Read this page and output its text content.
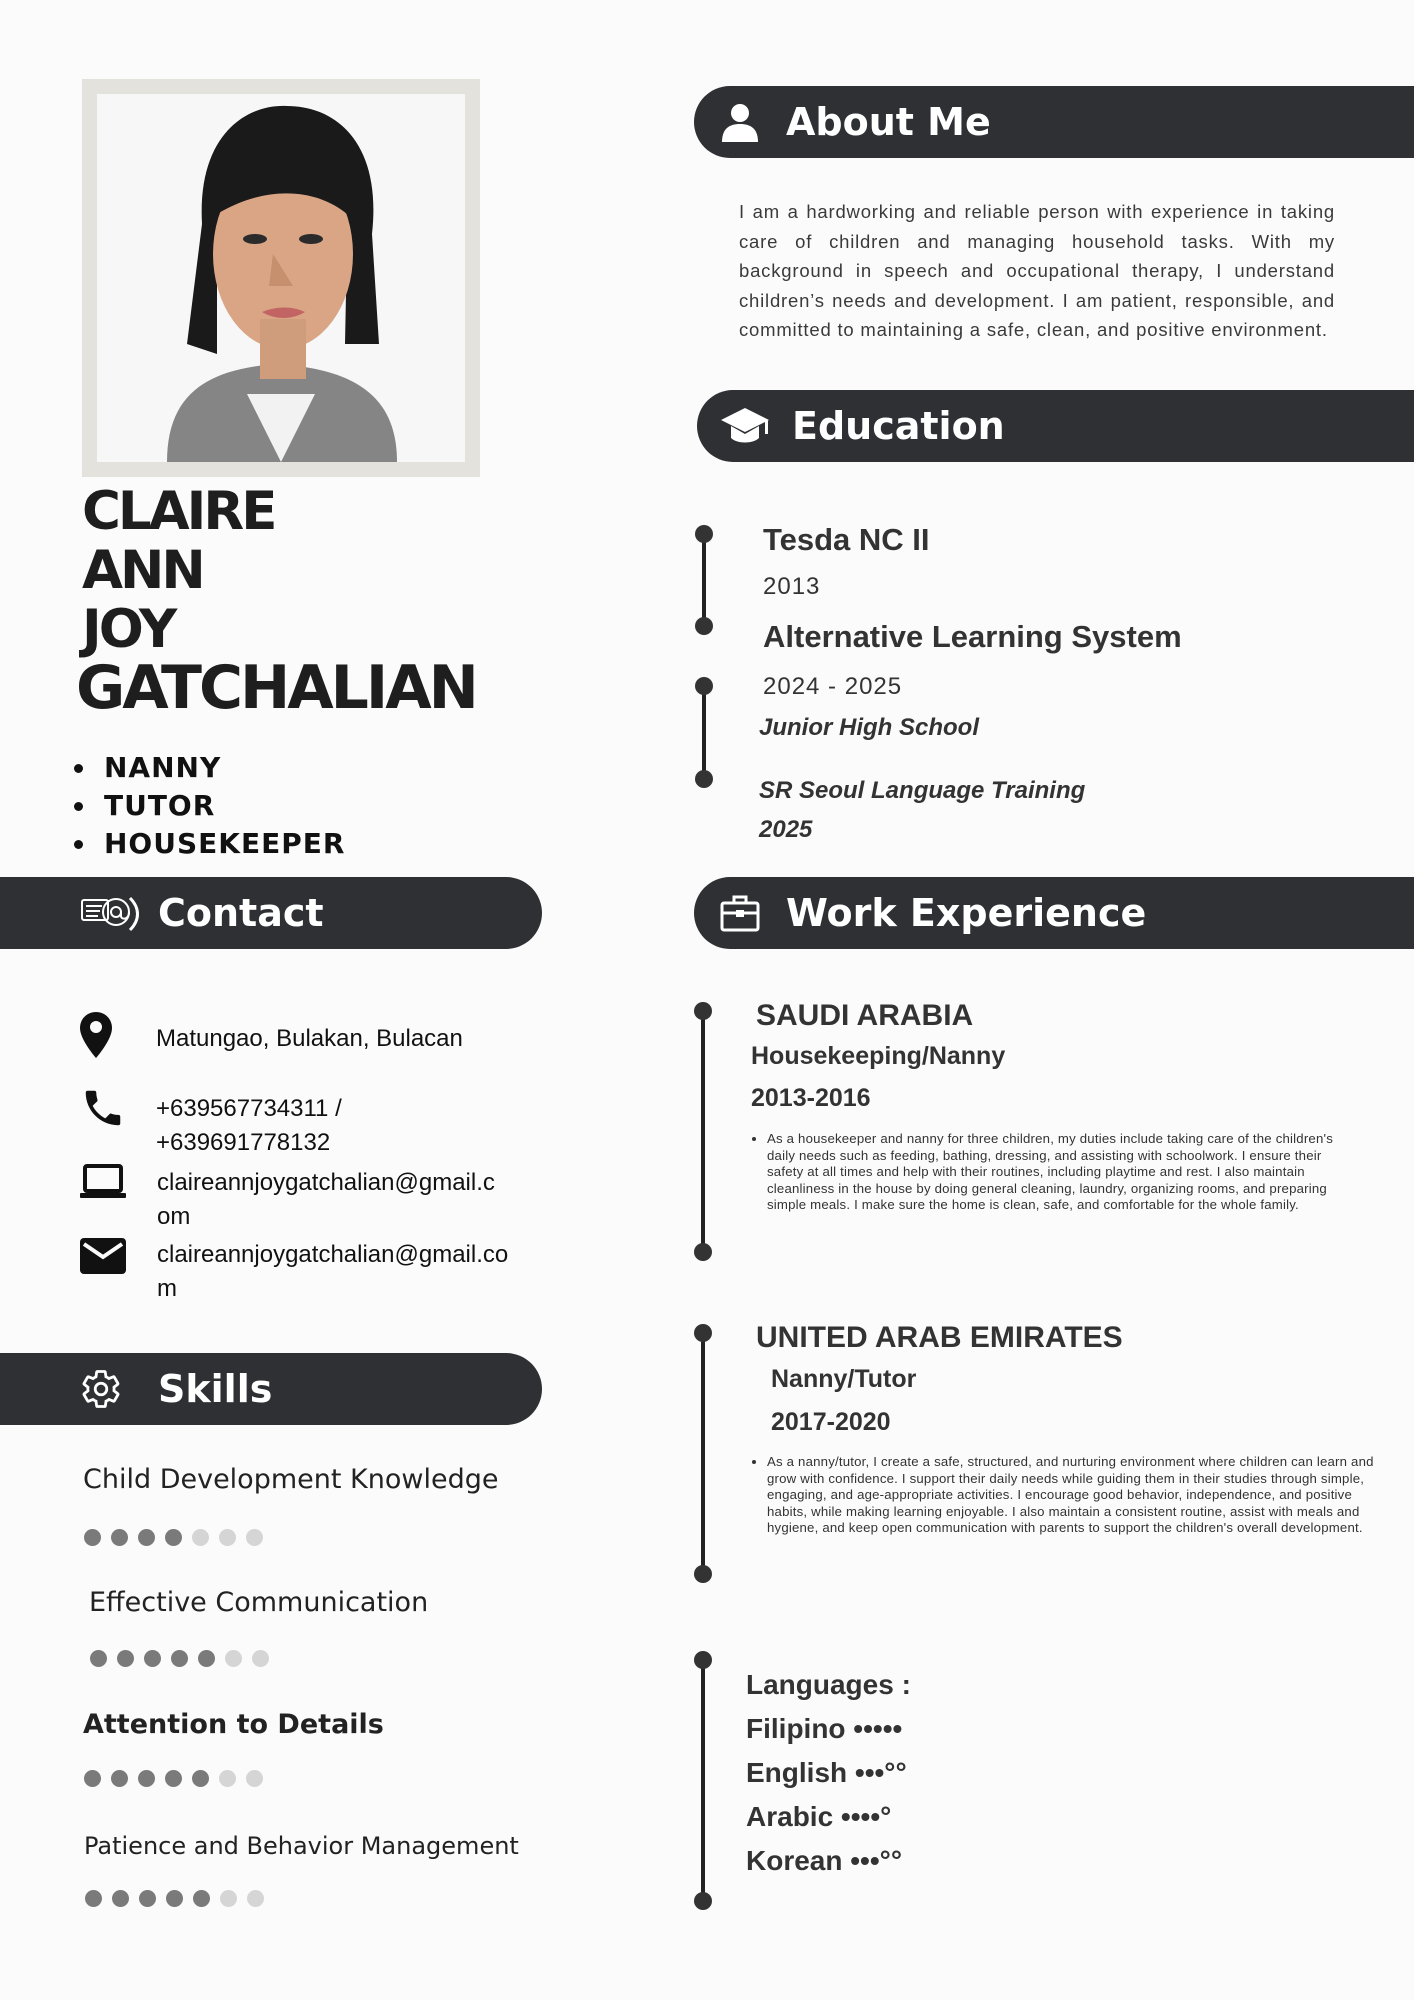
CLAIRE
ANN
JOY
GATCHALIAN
NANNY
TUTOR
HOUSEKEEPER
About Me
I am a hardworking and reliable person with experience in taking care of children and managing household tasks. With my background in speech and occupational therapy, I understand children’s needs and development. I am patient, responsible, and committed to maintaining a safe, clean, and positive environment.
Education
Tesda NC II
2013
Alternative Learning System
2024 - 2025
Junior High School
SR Seoul Language Training
2025
Contact
Matungao, Bulakan, Bulacan
+639567734311 /
+639691778132
claireannjoygatchalian@gmail.c
om
claireannjoygatchalian@gmail.co
m
Work Experience
SAUDI ARABIA
Housekeeping/Nanny
2013-2016
As a housekeeper and nanny for three children, my duties include taking care of the children's daily needs such as feeding, bathing, dressing, and assisting with schoolwork. I ensure their safety at all times and help with their routines, including playtime and rest. I also maintain cleanliness in the house by doing general cleaning, laundry, organizing rooms, and preparing simple meals. I make sure the home is clean, safe, and comfortable for the whole family.
UNITED ARAB EMIRATES
Nanny/Tutor
2017-2020
As a nanny/tutor, I create a safe, structured, and nurturing environment where children can learn and grow with confidence. I support their daily needs while guiding them in their studies through simple, engaging, and age-appropriate activities. I encourage good behavior, independence, and positive habits, while making learning enjoyable. I also maintain a consistent routine, assist with meals and hygiene, and keep open communication with parents to support the children's overall development.
Languages :
Filipino •••••
English •••°°
Arabic ••••°
Korean •••°°
Skills
Child Development Knowledge
Effective Communication
Attention to Details
Patience and Behavior Management
